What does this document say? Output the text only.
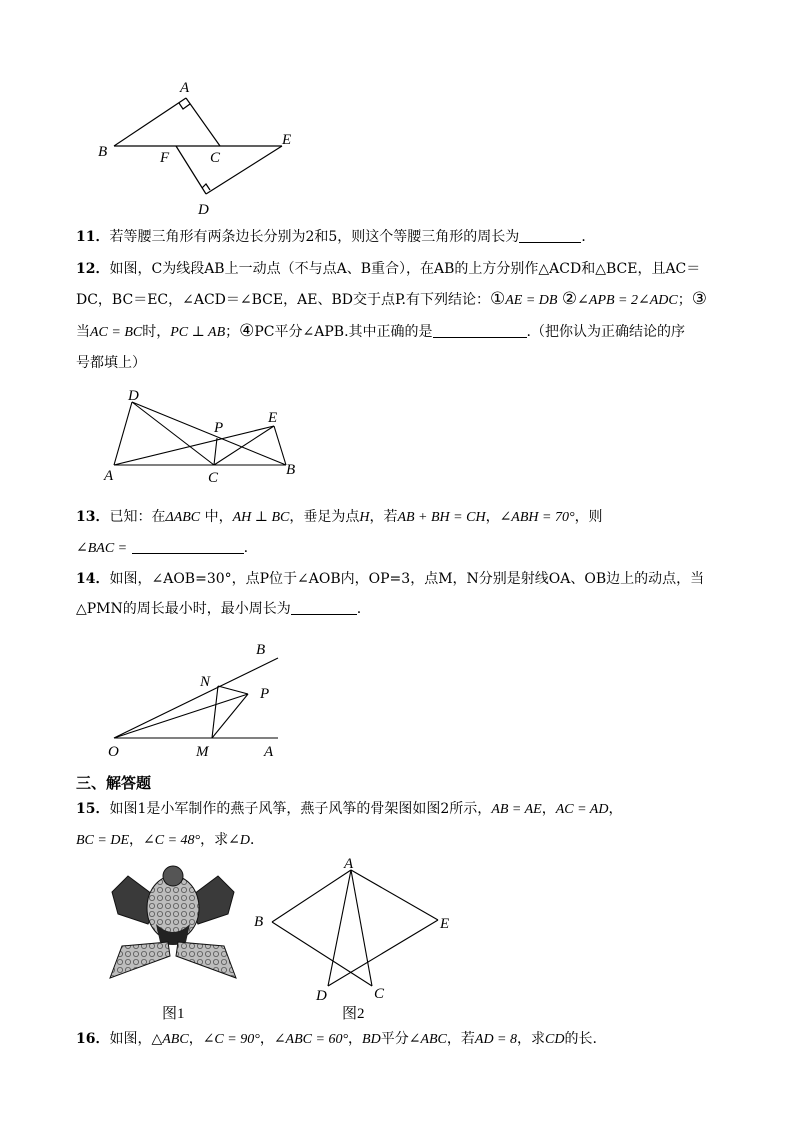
A
B	F	C
E
D
11．若等腰三角形有两条边长分别为2和5，则这个等腰三角形的周长为	．
12．如图，C为线段AB上一动点（不与点A、B重合），在AB的上方分别作△ACD和△BCE，且AC＝
DC，BC＝EC，∠ACD＝∠BCE，AE、BD交于点P.有下列结论：①AE = DB ②∠APB = 2∠ADC；③
当AC = BC时，PC ⊥ AB；④PC平分∠APB.其中正确的是	.（把你认为正确结论的序
号都填上）
D
E
P
A	C	B
13．已知：在ΔABC 中，AH ⊥ BC，垂足为点H，若AB + BH = CH，∠ABH = 70°，则
∠BAC =	.
14．如图，∠AOB=30°，点P位于∠AOB内，OP=3，点M，N分别是射线OA、OB边上的动点，当
△PMN的周长最小时，最小周长为	.
B
N
P
O	M	A
三、解答题
15．如图1是小军制作的燕子风筝，燕子风筝的骨架图如图2所示，AB = AE，AC = AD，
BC = DE，∠C = 48°，求∠D．
图1
A
B	E
D	C
图2
16．如图，△ABC，∠C = 90°，∠ABC = 60°，BD平分∠ABC，若AD = 8，求CD的长.
